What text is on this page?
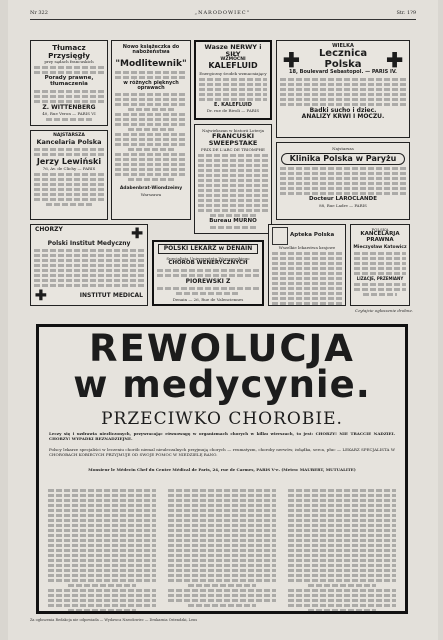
Nr 322	„NARODOWIEC"	Str. 1?9
Tłumacz Przysięgły
przy sądach francuskich
Porady prawne, tłumaczenia
Z. WITTENBERG
40, Rue Veron — PARIS VI
Nowo książeczka do nabożeństwa
"Modlitewnik"
w różnych pięknych oprawach
Adabenbrat-Wiondzeimy
Warszawa
Wasze NERWY i SIŁY
WZMOCNI
KALEFLUID
Energiczny środek wzmacniający
E. KALEFLUID
Dr. rue de Rivoli — PARIS
WIELKA
✚	Lecznica Polska	✚
18, Boulevard Sebastopol. — PARIS IV.
Badki sucho i dziec.
ANALIZY KRWI I MOCZU.
NAJSTARSZA
Kancelaria Polska
Jerzy Lewiński
76, Av. de Clichy — PARIS
Najwiekszan w historii Loterja
FRANCUSKI SWEEPSTAKE
PRIX DE L'ARC DE TRIOMPHE
Bureau MURNO
Najstarsza
Klinika Polska w Paryżu
Docteur LAROCLANDE
88, Rue Ladre — PARIS
CHORZY	✚
Polski Institut Medyczny
✚	INSTITUT MEDICAL
POLSKI LEKARZ w DENAIN
Specjalista Uniwersytetu Warszawskiego
CHOROB WENERYCZNYCH
PIOREWSKI Z
Denain — 26, Rue de Valenciennes
Apteka Polska
Wszelkie lekarstwa krajowe
POLSKA
KANCELARJA PRAWNA
Mieczysław Katowicz
LIZACJE, PRZEMIANY
Czytajcie ogłoszenie drobne.
REWOLUCJA
w medycynie.
PRZECIWKO CHOROBIE.
Leczy się i uzdrawia niezliczonych, przywracając równowagę w organizmach chorych w kilku wierszach, to jest: CHORZY! NIE TRACCIE NADZIEI. CHORZY! WYPADKI BEZNADZIEJNE.
Polscy lekarze specjaliści w leczeniu chorób niemal nieuleczalnych przyjmują chorych — reumatyzm, choroby nerwów, żołądka, serca, płuc — LEKARZ SPECJALISTA W CHOROBACH KOBIECYCH PRZYJMUJE OD SWOJE POMOC W NIEDZIELĘ RANO.
Monsieur le Médecin Chef du Centre Médical de Paris, 24, rue de Carmes, PARIS V-e. (Metro: MAUBERT, MUTUALITE)
Za ogłoszenia Redakcja nie odpowiada — Wydawca Narodowiec — Drukarnia Ostendzki, Lens
